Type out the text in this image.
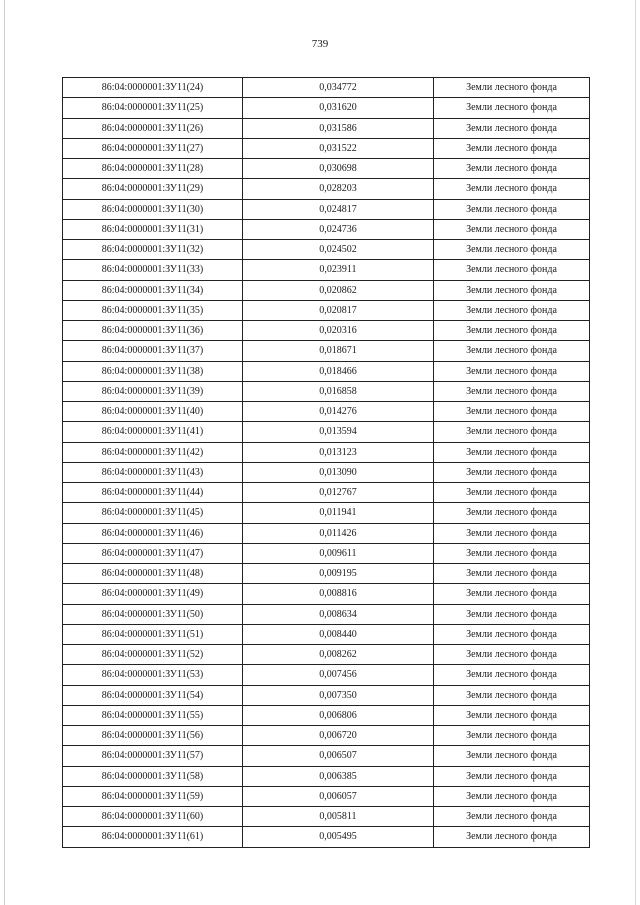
739
86:04:0000001:ЗУ11(24)	0,034772	Земли лесного фонда
86:04:0000001:ЗУ11(25)	0,031620	Земли лесного фонда
86:04:0000001:ЗУ11(26)	0,031586	Земли лесного фонда
86:04:0000001:ЗУ11(27)	0,031522	Земли лесного фонда
86:04:0000001:ЗУ11(28)	0,030698	Земли лесного фонда
86:04:0000001:ЗУ11(29)	0,028203	Земли лесного фонда
86:04:0000001:ЗУ11(30)	0,024817	Земли лесного фонда
86:04:0000001:ЗУ11(31)	0,024736	Земли лесного фонда
86:04:0000001:ЗУ11(32)	0,024502	Земли лесного фонда
86:04:0000001:ЗУ11(33)	0,023911	Земли лесного фонда
86:04:0000001:ЗУ11(34)	0,020862	Земли лесного фонда
86:04:0000001:ЗУ11(35)	0,020817	Земли лесного фонда
86:04:0000001:ЗУ11(36)	0,020316	Земли лесного фонда
86:04:0000001:ЗУ11(37)	0,018671	Земли лесного фонда
86:04:0000001:ЗУ11(38)	0,018466	Земли лесного фонда
86:04:0000001:ЗУ11(39)	0,016858	Земли лесного фонда
86:04:0000001:ЗУ11(40)	0,014276	Земли лесного фонда
86:04:0000001:ЗУ11(41)	0,013594	Земли лесного фонда
86:04:0000001:ЗУ11(42)	0,013123	Земли лесного фонда
86:04:0000001:ЗУ11(43)	0,013090	Земли лесного фонда
86:04:0000001:ЗУ11(44)	0,012767	Земли лесного фонда
86:04:0000001:ЗУ11(45)	0,011941	Земли лесного фонда
86:04:0000001:ЗУ11(46)	0,011426	Земли лесного фонда
86:04:0000001:ЗУ11(47)	0,009611	Земли лесного фонда
86:04:0000001:ЗУ11(48)	0,009195	Земли лесного фонда
86:04:0000001:ЗУ11(49)	0,008816	Земли лесного фонда
86:04:0000001:ЗУ11(50)	0,008634	Земли лесного фонда
86:04:0000001:ЗУ11(51)	0,008440	Земли лесного фонда
86:04:0000001:ЗУ11(52)	0,008262	Земли лесного фонда
86:04:0000001:ЗУ11(53)	0,007456	Земли лесного фонда
86:04:0000001:ЗУ11(54)	0,007350	Земли лесного фонда
86:04:0000001:ЗУ11(55)	0,006806	Земли лесного фонда
86:04:0000001:ЗУ11(56)	0,006720	Земли лесного фонда
86:04:0000001:ЗУ11(57)	0,006507	Земли лесного фонда
86:04:0000001:ЗУ11(58)	0,006385	Земли лесного фонда
86:04:0000001:ЗУ11(59)	0,006057	Земли лесного фонда
86:04:0000001:ЗУ11(60)	0,005811	Земли лесного фонда
86:04:0000001:ЗУ11(61)	0,005495	Земли лесного фонда
